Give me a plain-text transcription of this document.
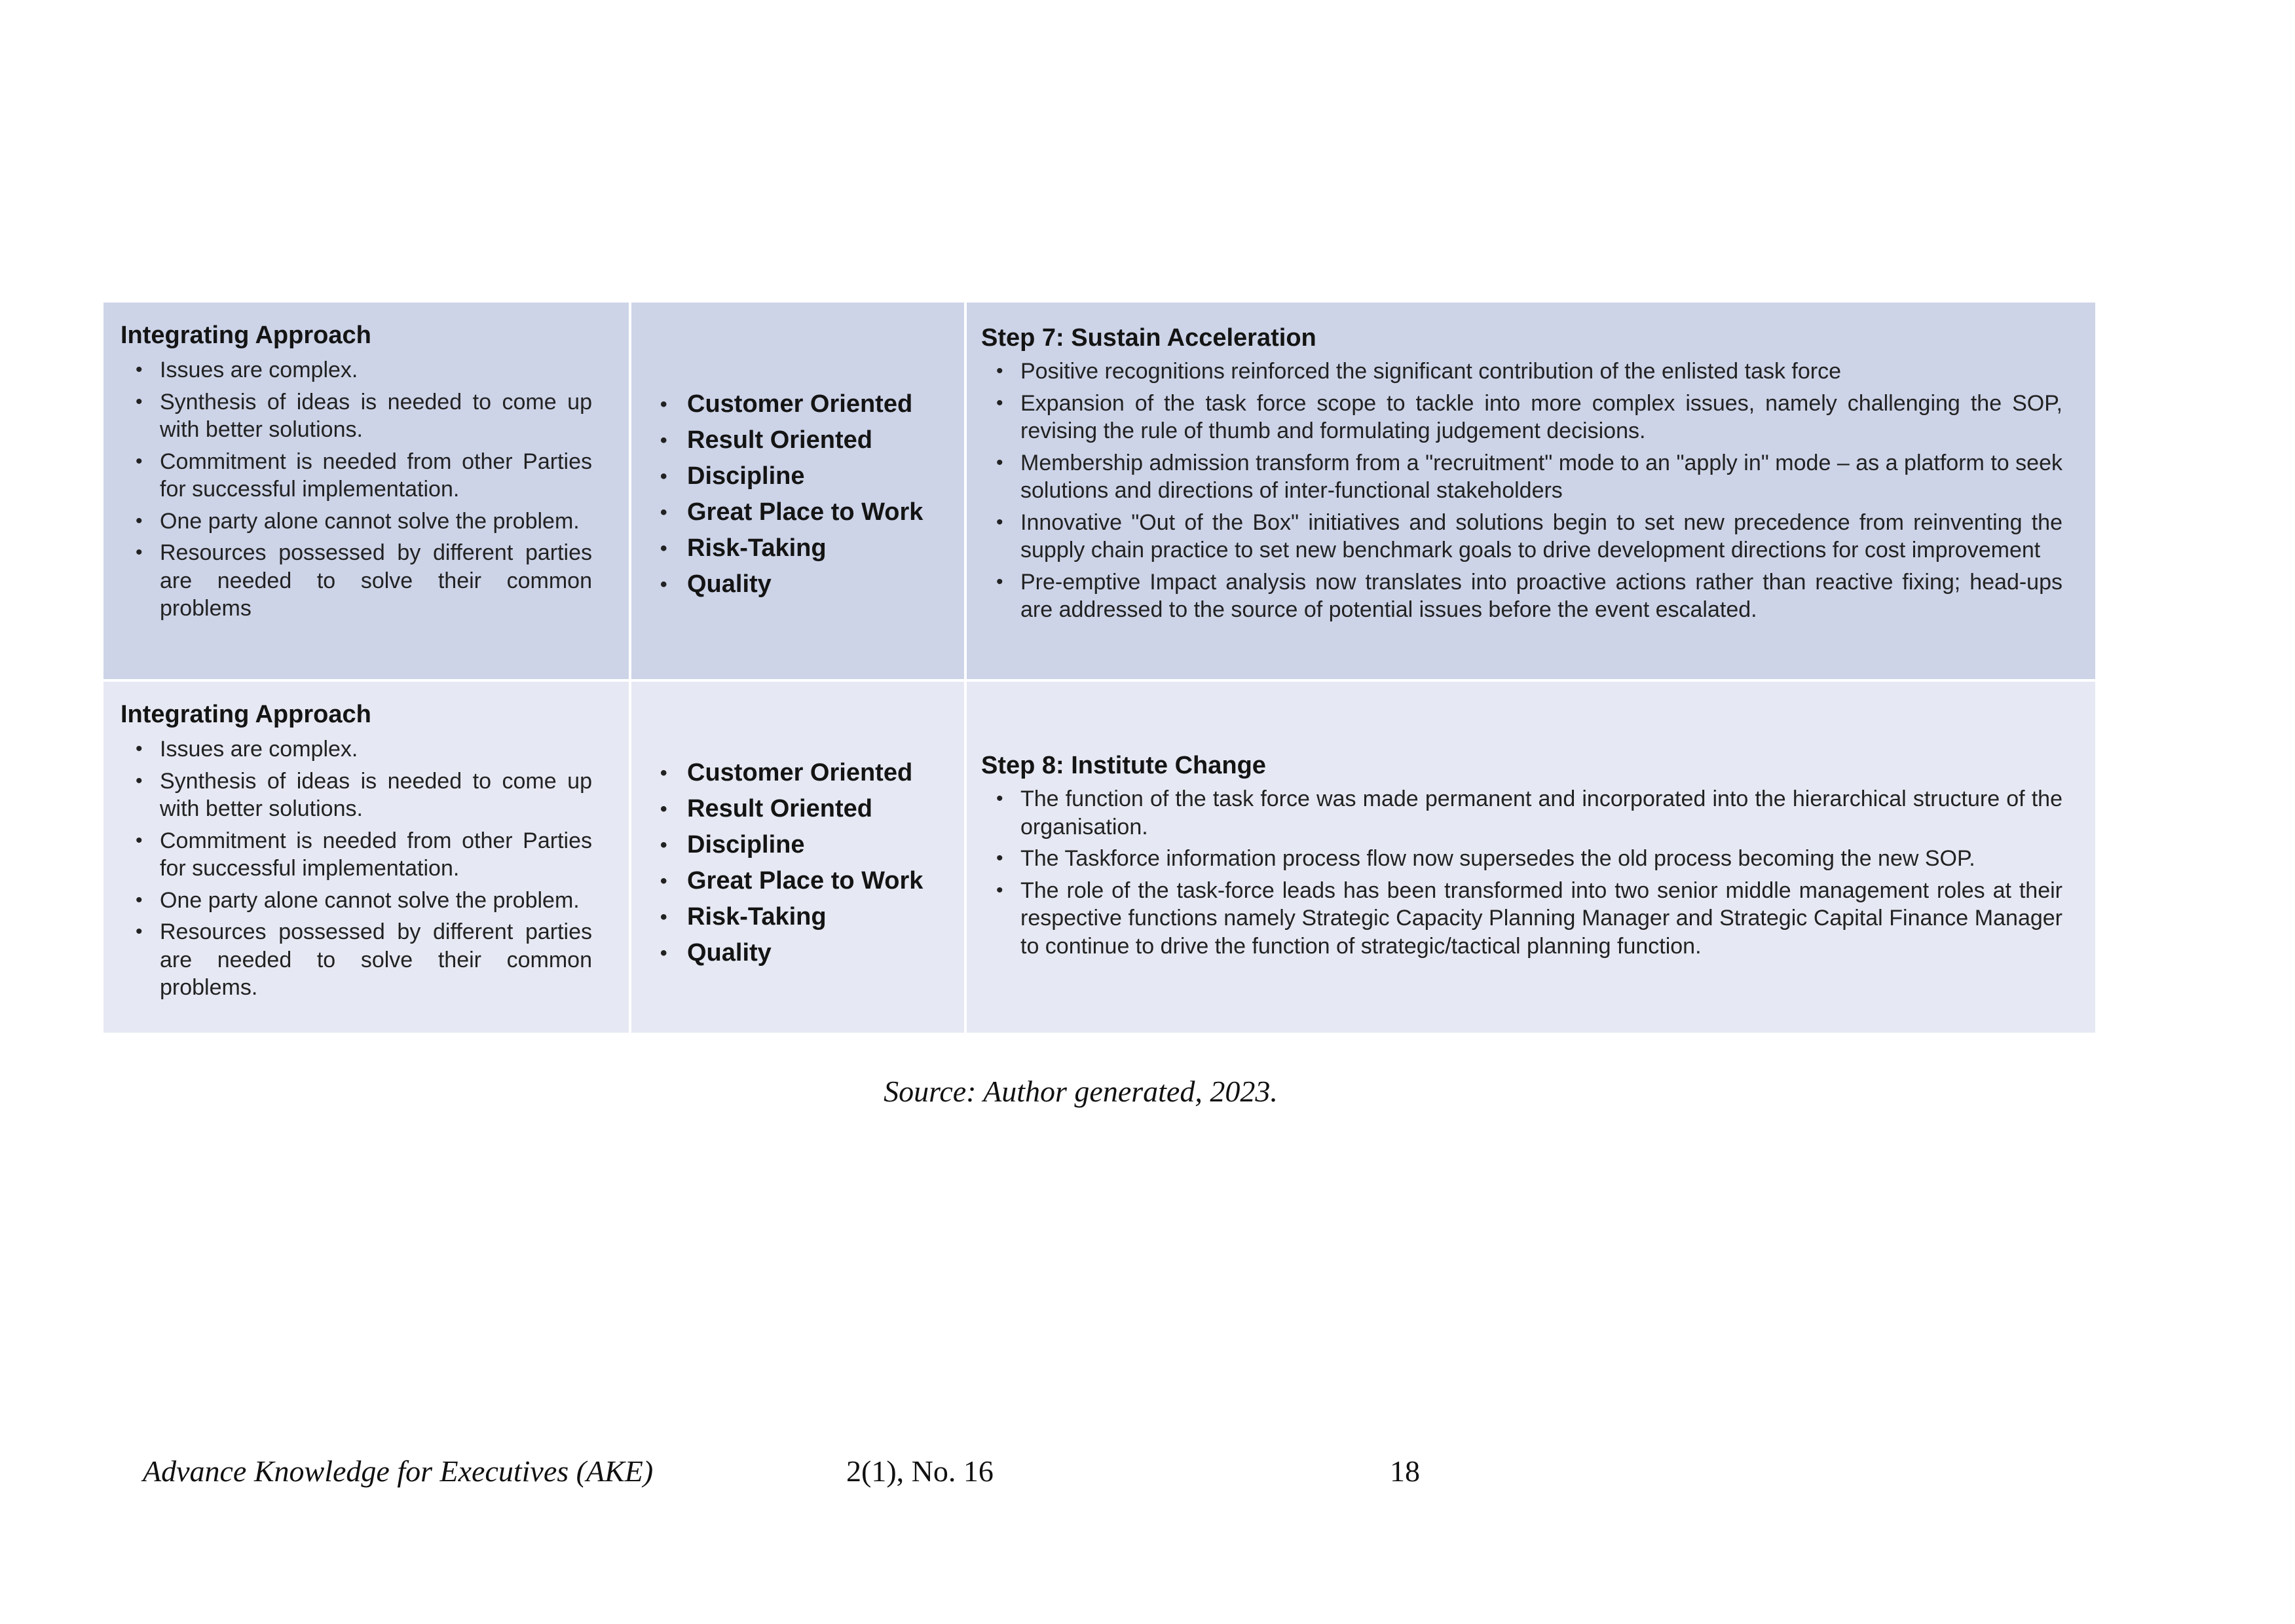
Integrating Approach

• Issues are complex.
• Synthesis of ideas is needed to come up with better solutions.
• Commitment is needed from other Parties for successful implementation.
• One party alone cannot solve the problem.
• Resources possessed by different parties are needed to solve their common problems
• Customer Oriented
• Result Oriented
• Discipline
• Great Place to Work
• Risk-Taking
• Quality

Step 7: Sustain Acceleration

• Positive recognitions reinforced the significant contribution of the enlisted task force
• Expansion of the task force scope to tackle into more complex issues, namely challenging the SOP, revising the rule of thumb and formulating judgement decisions.
• Membership admission transform from a "recruitment" mode to an "apply in" mode – as a platform to seek solutions and directions of inter-functional stakeholders
• Innovative "Out of the Box" initiatives and solutions begin to set new precedence from reinventing the supply chain practice to set new benchmark goals to drive development directions for cost improvement
• Pre-emptive Impact analysis now translates into proactive actions rather than reactive fixing; head-ups are addressed to the source of potential issues before the event escalated.

Integrating Approach

• Issues are complex.
• Synthesis of ideas is needed to come up with better solutions.
• Commitment is needed from other Parties for successful implementation.
• One party alone cannot solve the problem.
• Resources possessed by different parties are needed to solve their common problems.
• Customer Oriented
• Result Oriented
• Discipline
• Great Place to Work
• Risk-Taking
• Quality

Step 8: Institute Change

• The function of the task force was made permanent and incorporated into the hierarchical structure of the organisation.
• The Taskforce information process flow now supersedes the old process becoming the new SOP.
• The role of the task-force leads has been transformed into two senior middle management roles at their respective functions namely Strategic Capacity Planning Manager and Strategic Capital Finance Manager to continue to drive the function of strategic/tactical planning function.

Source: Author generated, 2023.

Advance Knowledge for Executives (AKE)	2(1), No. 16	18
